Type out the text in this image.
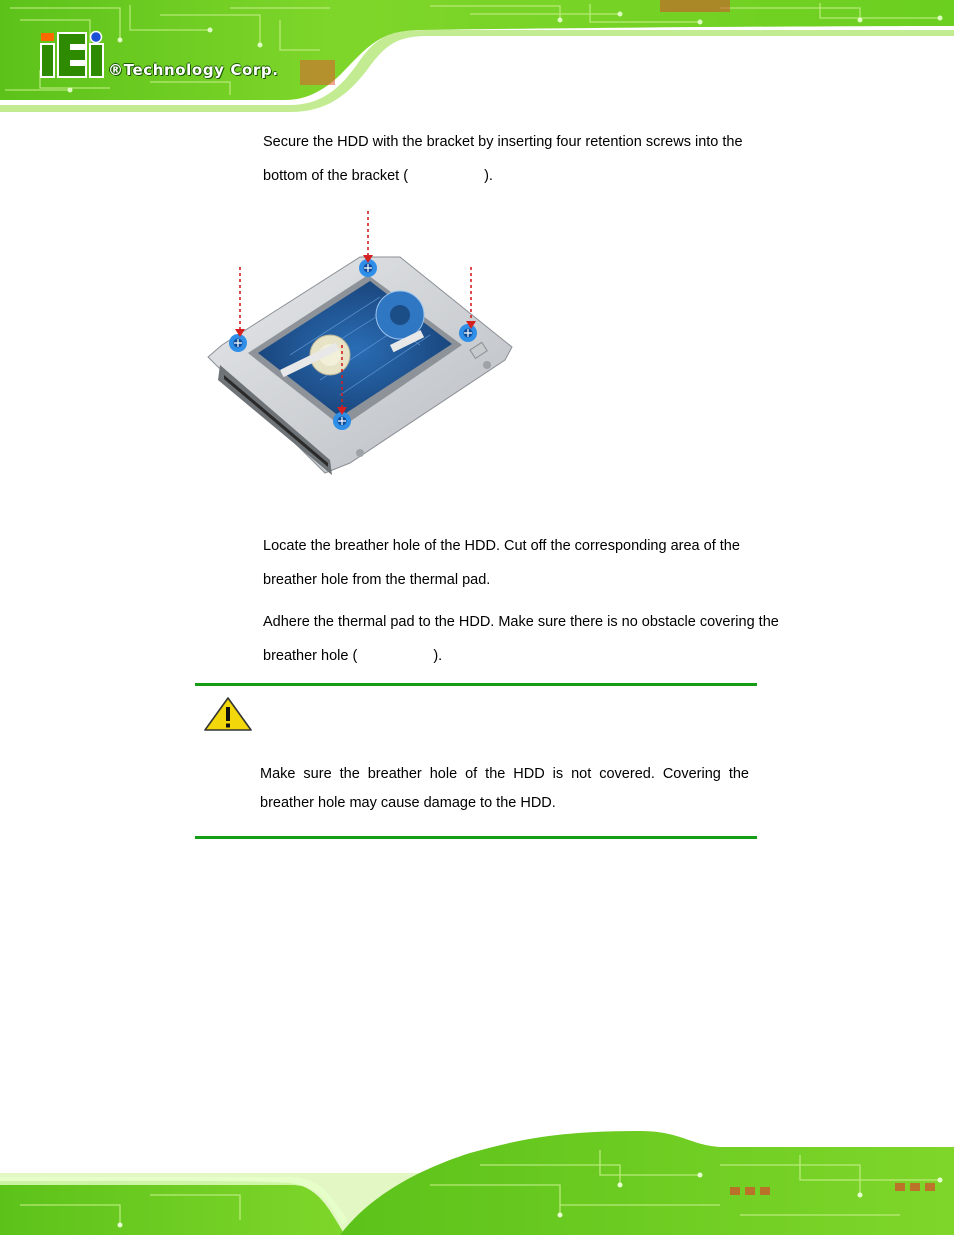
®Technology Corp.
Secure the HDD with the bracket by inserting four retention screws into the
bottom of the bracket (	).
Locate the breather hole of the HDD. Cut off the corresponding area of the
breather hole from the thermal pad.
Adhere the thermal pad to the HDD. Make sure there is no obstacle covering the
breather hole (	).

Make sure the breather hole of the HDD is not covered. Covering the breather hole may cause damage to the HDD.
